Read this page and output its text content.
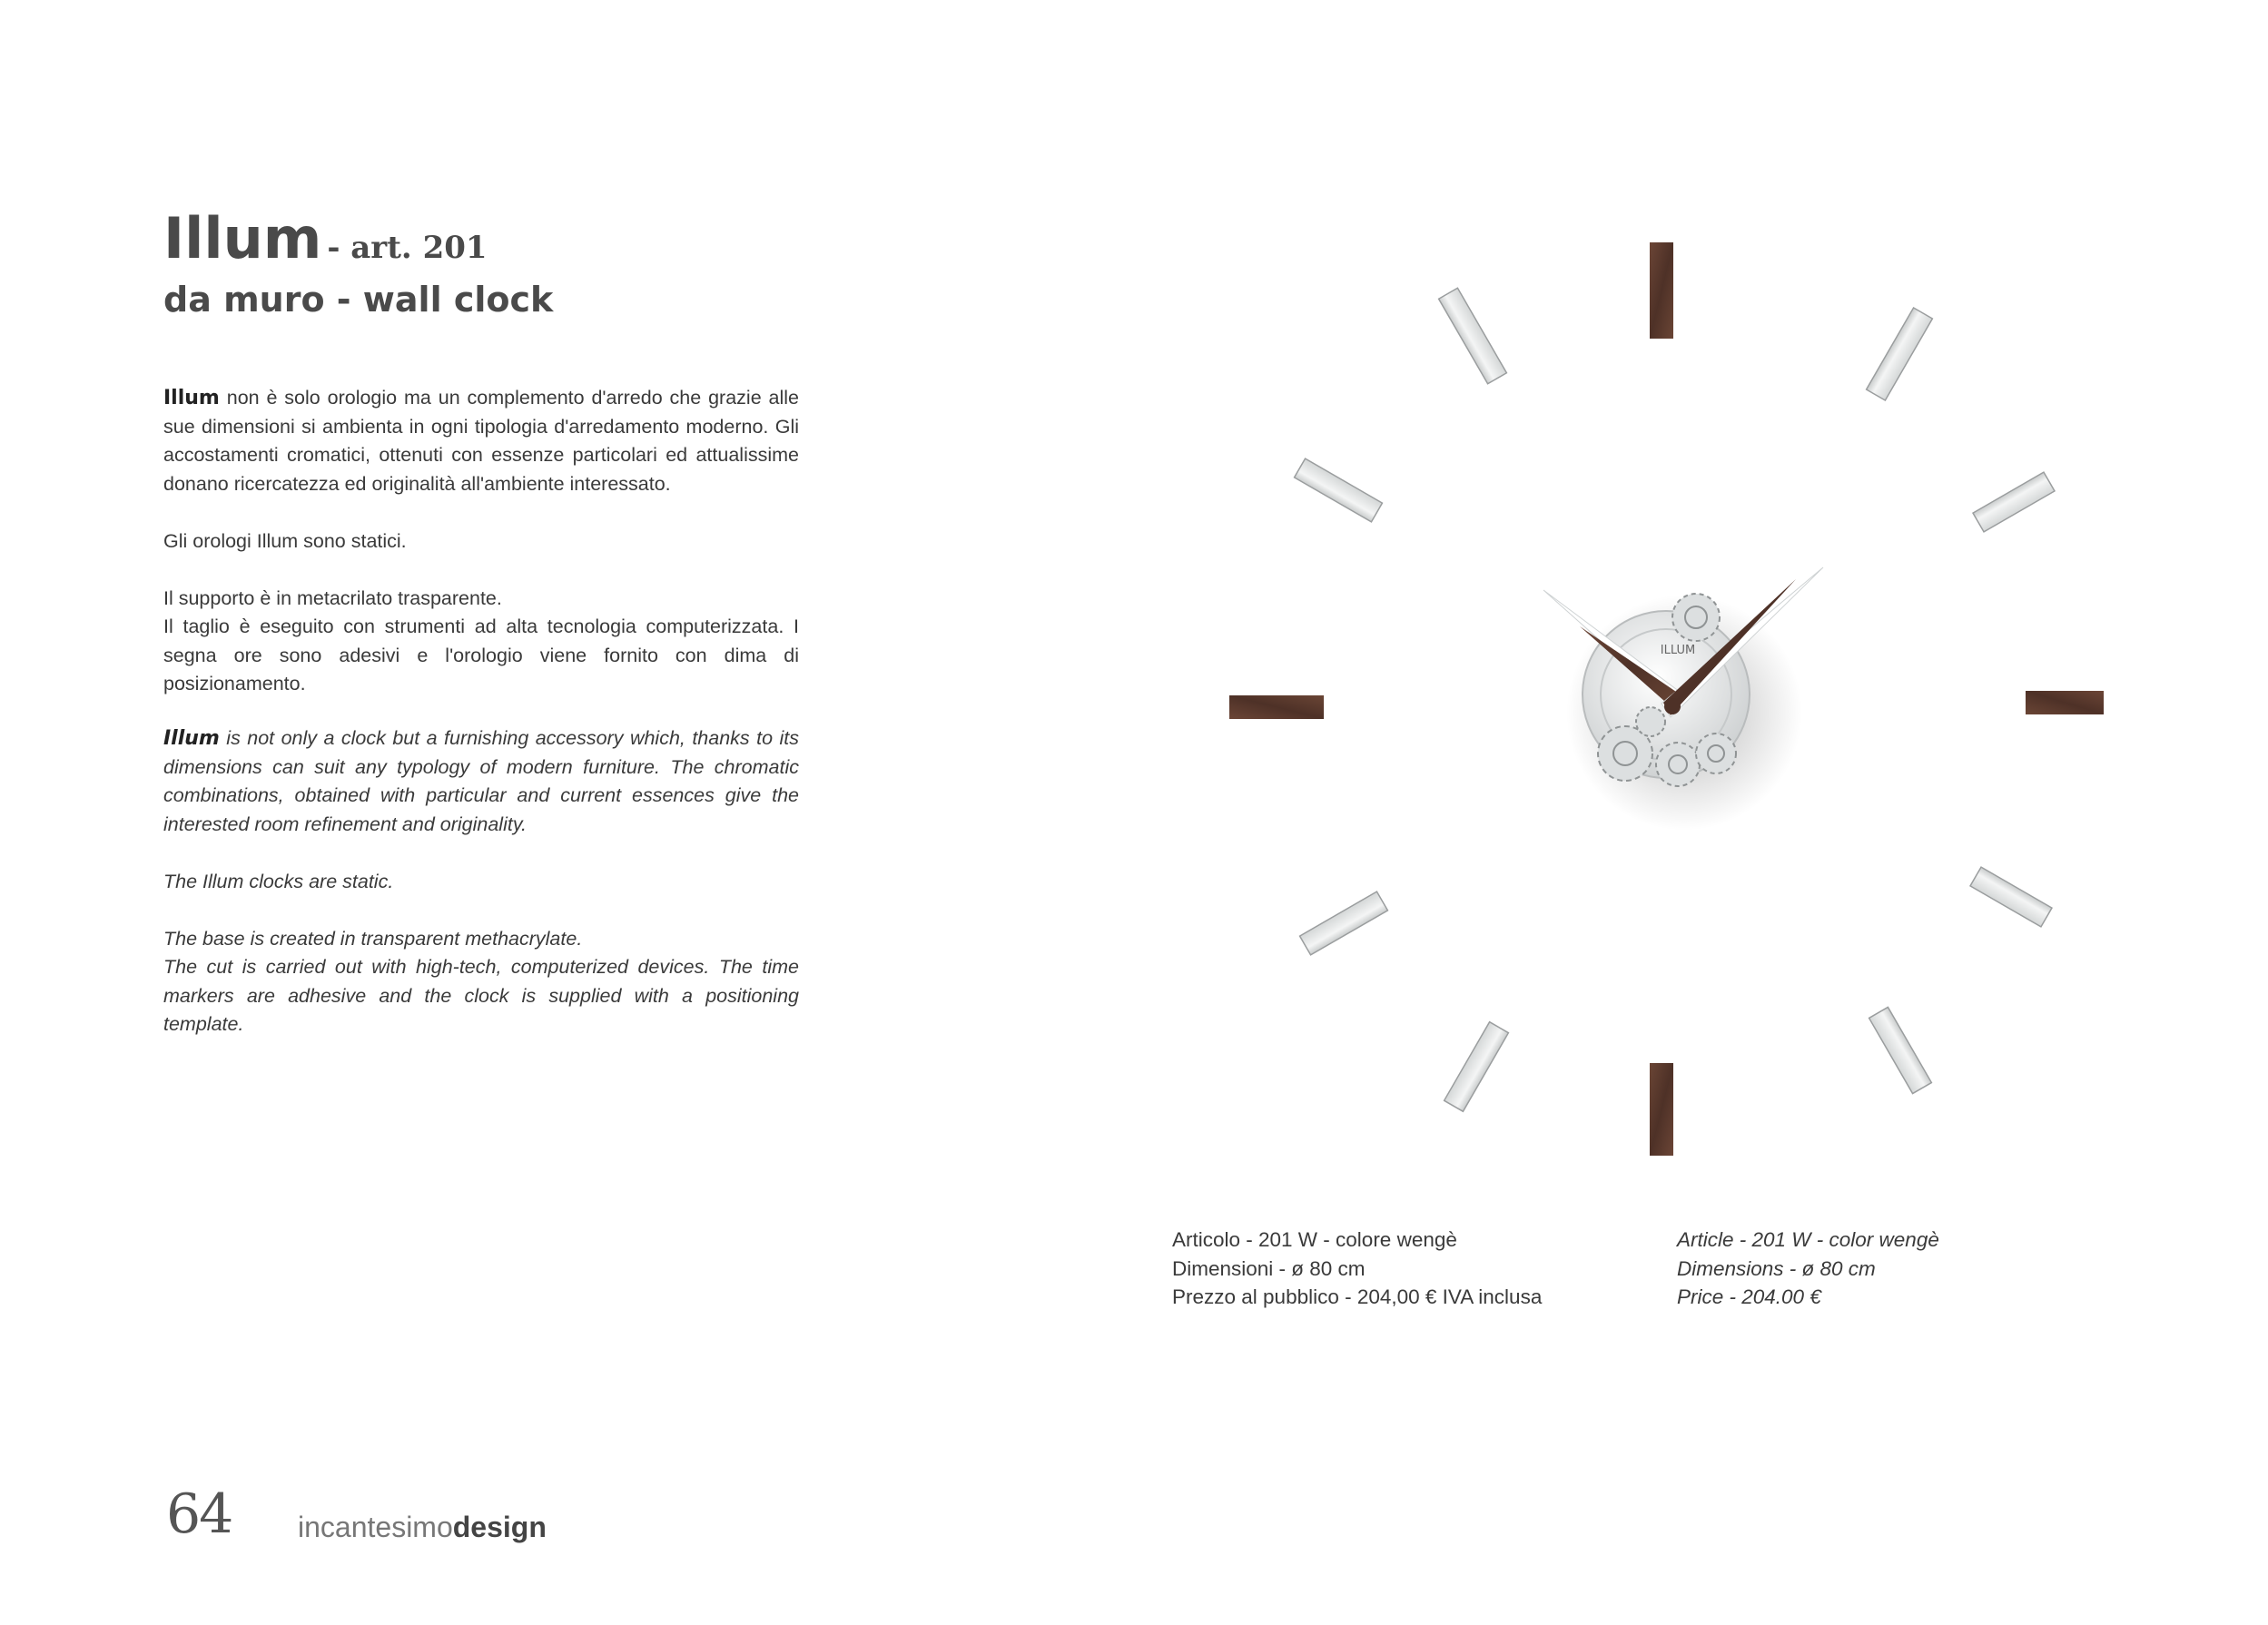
Illum - art. 201
da muro - wall clock

Illum non è solo orologio ma un complemento d'arredo che grazie alle sue dimensioni si ambienta in ogni tipologia d'arredamento moderno. Gli accostamenti cromatici, ottenuti con essenze particolari ed attualissime donano ricercatezza ed originalità all'ambiente interessato.

Gli orologi Illum sono statici.

Il supporto è in metacrilato trasparente.
Il taglio è eseguito con strumenti ad alta tecnologia computerizzata. I segna ore sono adesivi e l'orologio viene fornito con dima di posizionamento.

Illum is not only a clock but a furnishing accessory which, thanks to its dimensions can suit any typology of modern furniture. The chromatic combinations, obtained with particular and current essences give the interested room refinement and originality.

The Illum clocks are static.

The base is created in transparent methacrylate.
The cut is carried out with high-tech, computerized devices. The time markers are adhesive and the clock is supplied with a positioning template.

ILLUM
Articolo - 201 W - colore wengè
Dimensioni - ø 80 cm
Prezzo al pubblico - 204,00 € IVA inclusa
Article - 201 W - color wengè
Dimensions - ø 80 cm
Price - 204.00 €
64 incantesimodesign
